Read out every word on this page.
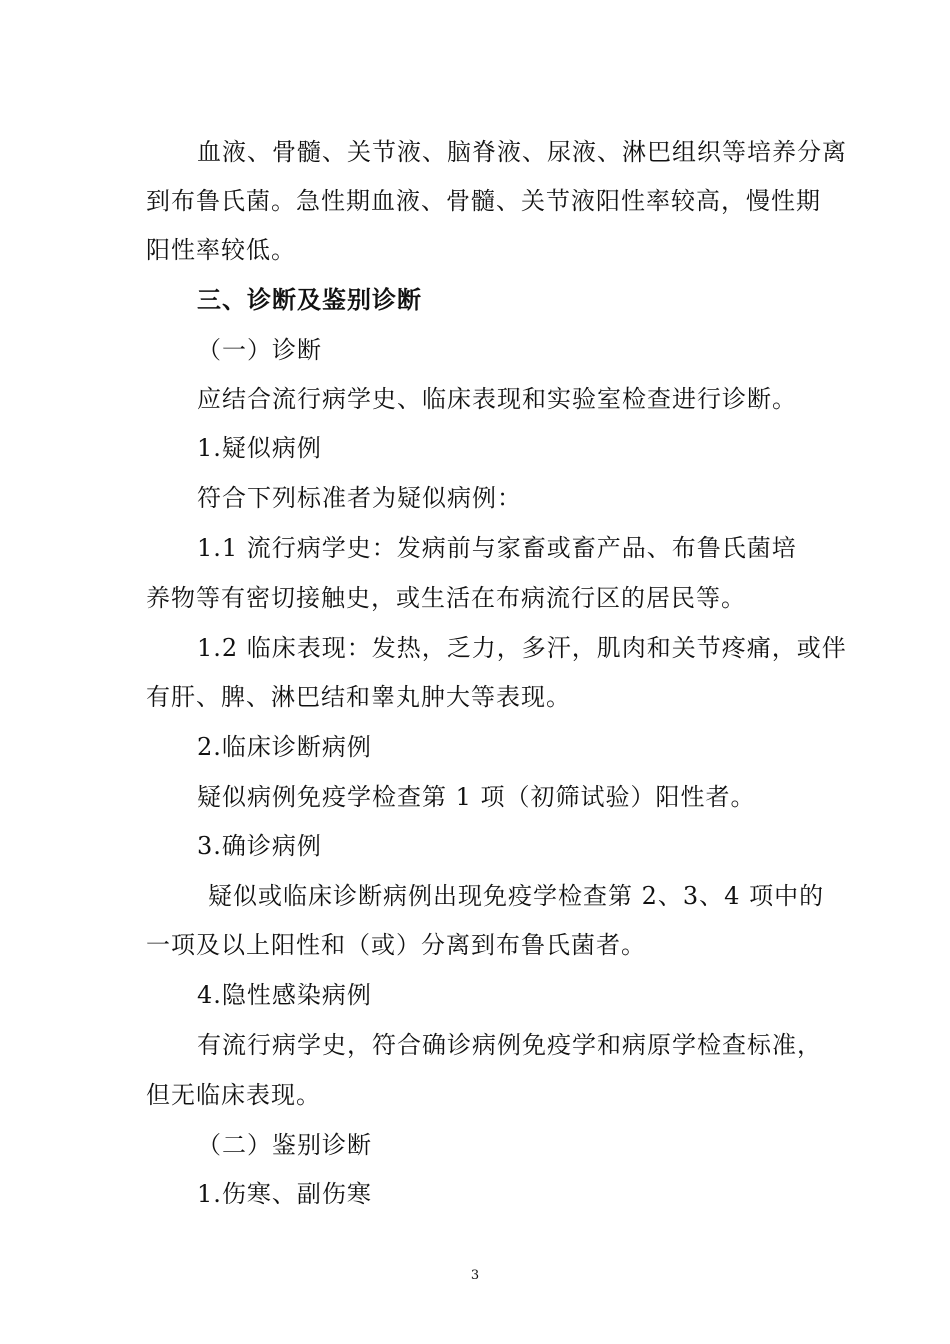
血液、骨髓、关节液、脑脊液、尿液、淋巴组织等培养分离
到布鲁氏菌。急性期血液、骨髓、关节液阳性率较高，慢性期
阳性率较低。
三、诊断及鉴别诊断
（一）诊断
应结合流行病学史、临床表现和实验室检查进行诊断。
1.疑似病例
符合下列标准者为疑似病例：
1.1 流行病学史：发病前与家畜或畜产品、布鲁氏菌培
养物等有密切接触史，或生活在布病流行区的居民等。
1.2 临床表现：发热，乏力，多汗，肌肉和关节疼痛，或伴
有肝、脾、淋巴结和睾丸肿大等表现。
2.临床诊断病例
疑似病例免疫学检查第 1 项（初筛试验）阳性者。
3.确诊病例
疑似或临床诊断病例出现免疫学检查第 2、3、4 项中的
一项及以上阳性和（或）分离到布鲁氏菌者。
4.隐性感染病例
有流行病学史，符合确诊病例免疫学和病原学检查标准，
但无临床表现。
（二）鉴别诊断
1.伤寒、副伤寒
3
